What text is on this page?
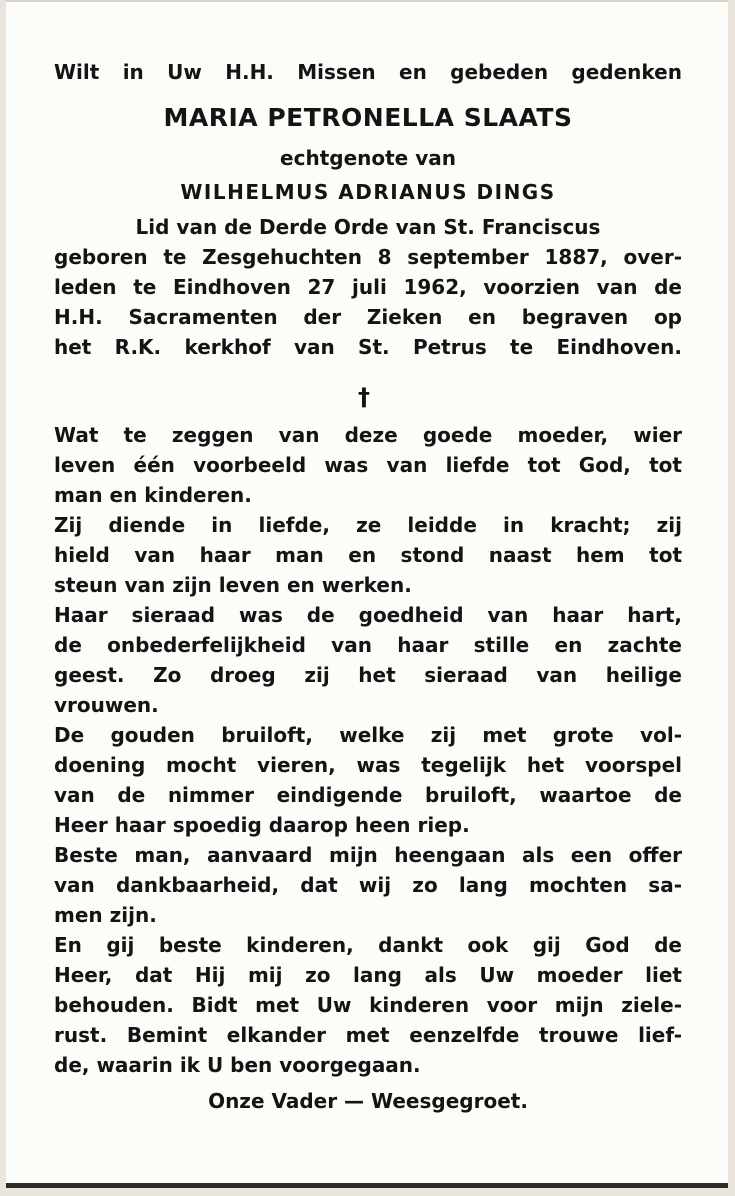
Wilt in Uw H.H. Missen en gebeden gedenken
MARIA PETRONELLA SLAATS
echtgenote van
WILHELMUS ADRIANUS DINGS
Lid van de Derde Orde van St. Franciscus
geboren te Zesgehuchten 8 september 1887, over-
leden te Eindhoven 27 juli 1962, voorzien van de
H.H. Sacramenten der Zieken en begraven op
het R.K. kerkhof van St. Petrus te Eindhoven.
†
Wat te zeggen van deze goede moeder, wier
leven één voorbeeld was van liefde tot God, tot
man en kinderen.
Zij diende in liefde, ze leidde in kracht; zij
hield van haar man en stond naast hem tot
steun van zijn leven en werken.
Haar sieraad was de goedheid van haar hart,
de onbederfelijkheid van haar stille en zachte
geest. Zo droeg zij het sieraad van heilige
vrouwen.
De gouden bruiloft, welke zij met grote vol-
doening mocht vieren, was tegelijk het voorspel
van de nimmer eindigende bruiloft, waartoe de
Heer haar spoedig daarop heen riep.
Beste man, aanvaard mijn heengaan als een offer
van dankbaarheid, dat wij zo lang mochten sa-
men zijn.
En gij beste kinderen, dankt ook gij God de
Heer, dat Hij mij zo lang als Uw moeder liet
behouden. Bidt met Uw kinderen voor mijn ziele-
rust. Bemint elkander met eenzelfde trouwe lief-
de, waarin ik U ben voorgegaan.
Onze Vader — Weesgegroet.
